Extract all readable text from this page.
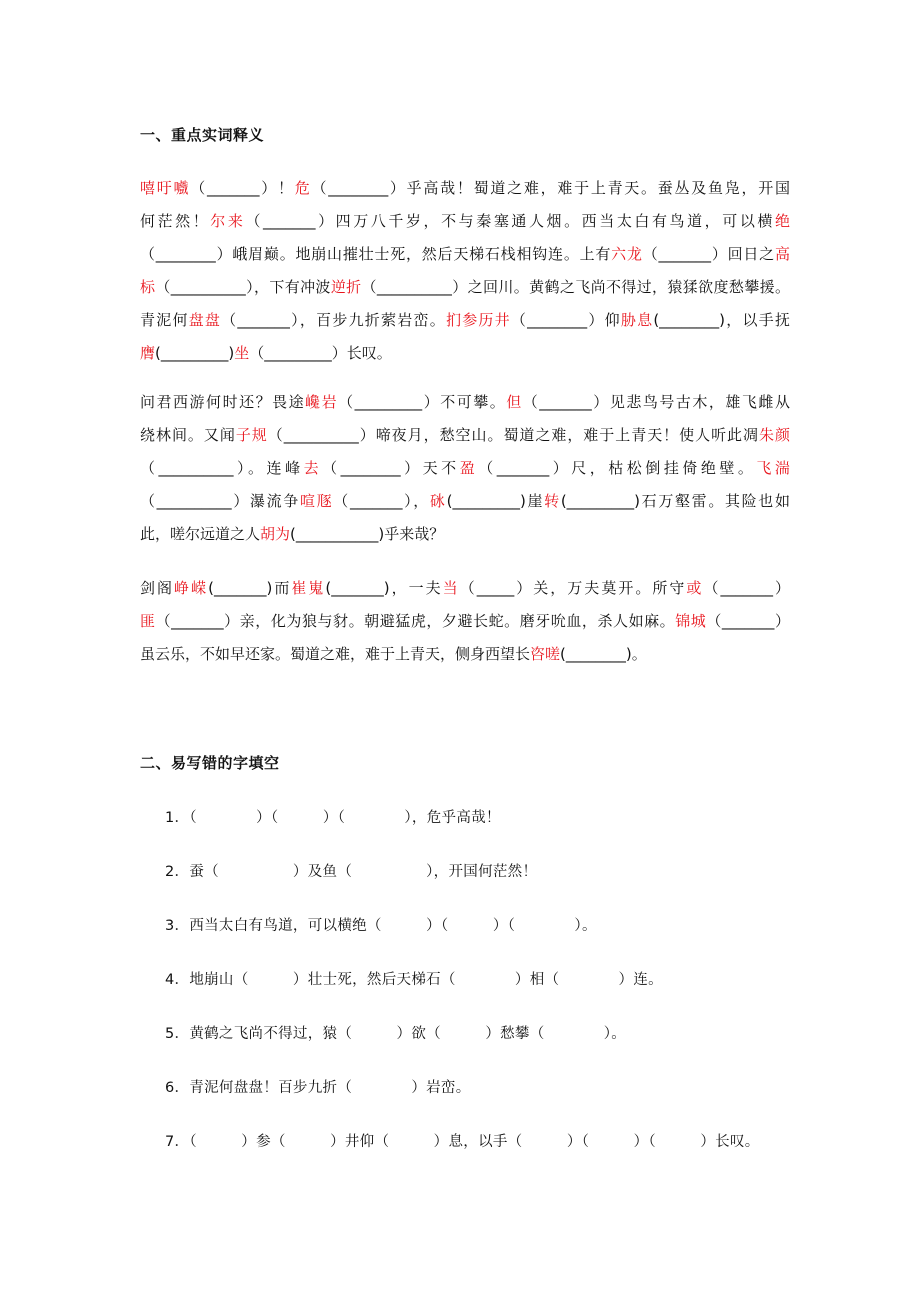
一、重点实词释义
嘻吁嚱（_______）！危（________）乎高哉！蜀道之难，难于上青天。蚕丛及鱼凫，开国
何茫然！尔来（_______）四万八千岁，不与秦塞通人烟。西当太白有鸟道，可以横绝
（________）峨眉巅。地崩山摧壮士死，然后天梯石栈相钩连。上有六龙（_______）回日之高
标（__________），下有冲波逆折（__________）之回川。黄鹤之飞尚不得过，猿猱欲度愁攀援。
青泥何盘盘（_______），百步九折萦岩峦。扪参历井（________）仰胁息(________)，以手抚
膺(_________)坐（_________）长叹。
问君西游何时还？畏途巉岩（_________）不可攀。但（_______）见悲鸟号古木，雄飞雌从
绕林间。又闻子规（__________）啼夜月，愁空山。蜀道之难，难于上青天！使人听此凋朱颜
（__________）。连峰去（________）天不盈（_______）尺，枯松倒挂倚绝壁。飞湍
（__________）瀑流争喧豗（_______），砯(_________)崖转(_________)石万壑雷。其险也如
此，嗟尔远道之人胡为(___________)乎来哉？
剑阁峥嵘(_______)而崔嵬(_______)，一夫当（_____）关，万夫莫开。所守或（_______）
匪（_______）亲，化为狼与豺。朝避猛虎，夕避长蛇。磨牙吮血，杀人如麻。锦城（_______）
虽云乐，不如早还家。蜀道之难，难于上青天，侧身西望长咨嗟(________)。
二、易写错的字填空
1．（　　　　）（　　　）（　　　　），危乎高哉！
2．蚕（　　　　　）及鱼（　　　　　），开国何茫然！
3．西当太白有鸟道，可以横绝（　　　）（　　　）（　　　　）。
4．地崩山（　　　）壮士死，然后天梯石（　　　　）相（　　　　）连。
5．黄鹤之飞尚不得过，猿（　　　）欲（　　　）愁攀（　　　　）。
6．青泥何盘盘！百步九折（　　　　）岩峦。
7．（　　　）参（　　　）井仰（　　　）息，以手（　　　）（　　　）（　　　）长叹。
